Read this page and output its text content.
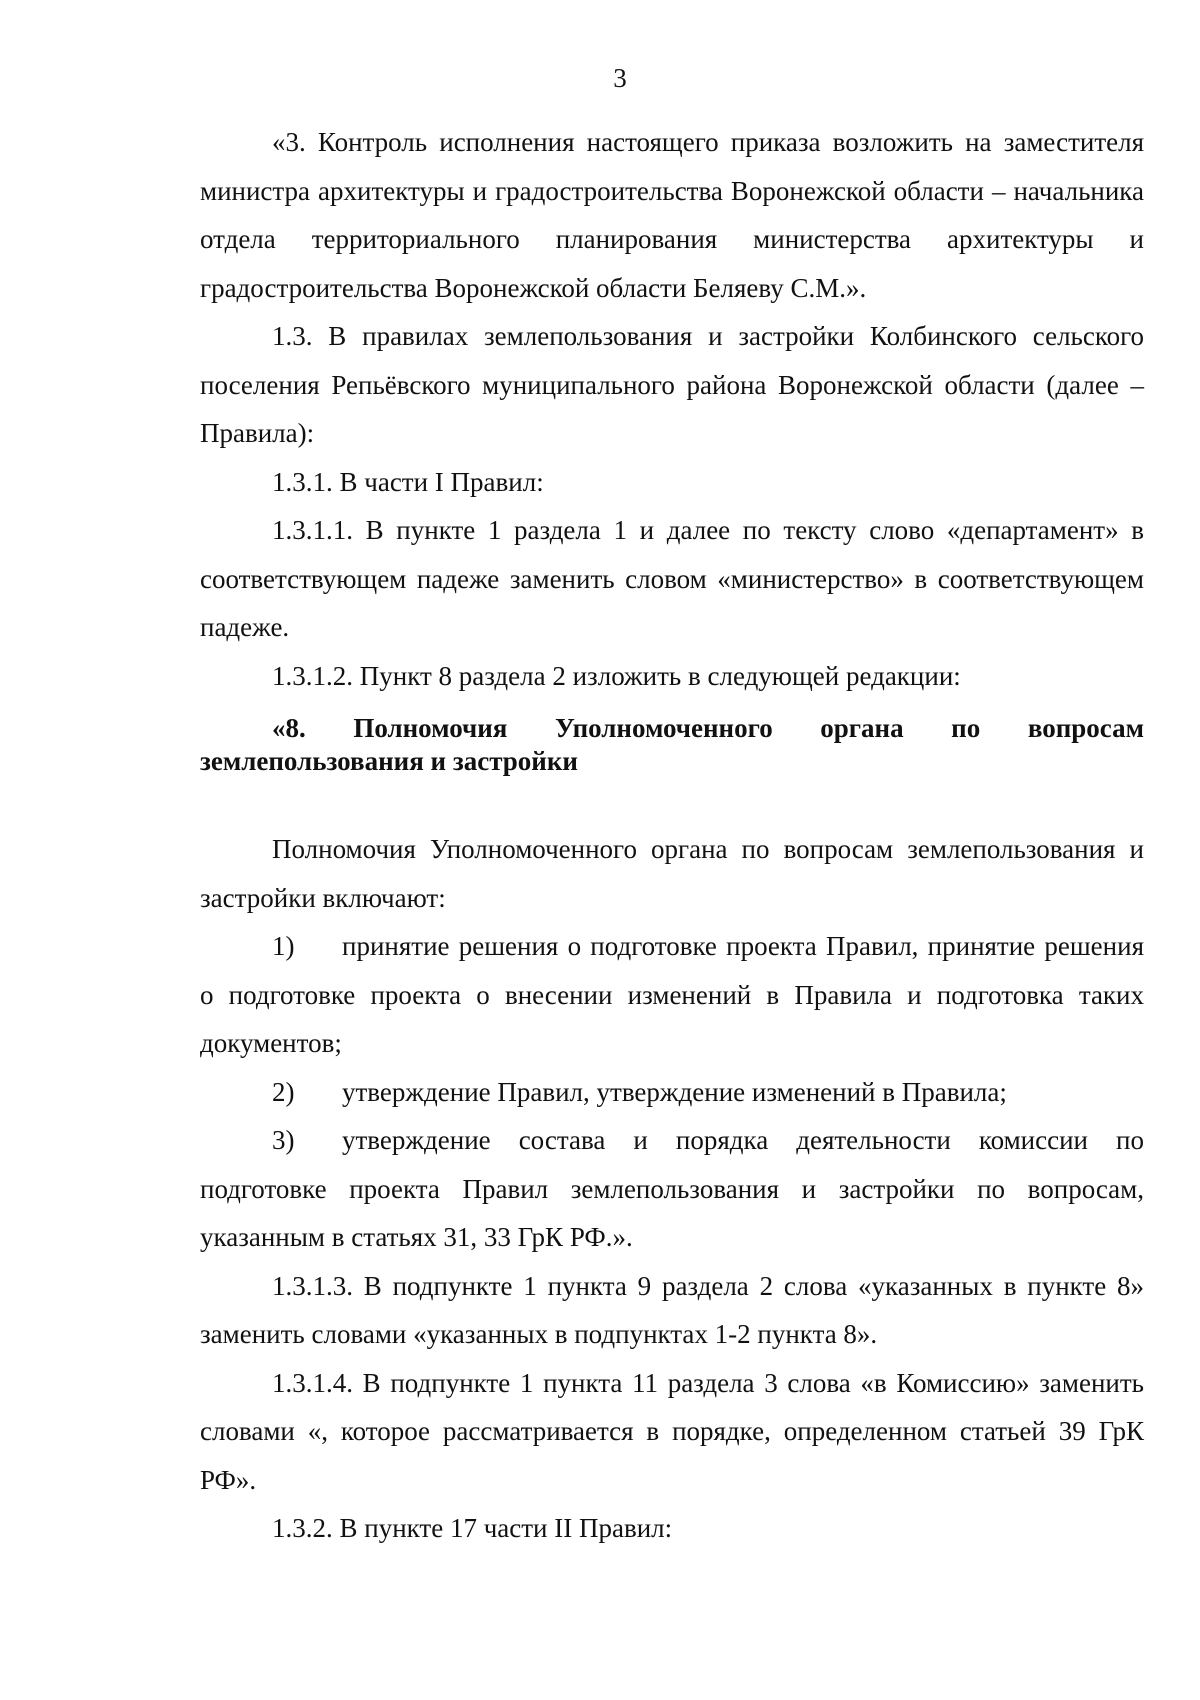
3

«3. Контроль исполнения настоящего приказа возложить на заместителя министра архитектуры и градостроительства Воронежской области – начальника отдела территориального планирования министерства архитектуры и градостроительства Воронежской области Беляеву С.М.».

1.3. В правилах землепользования и застройки Колбинского сельского поселения Репьёвского муниципального района Воронежской области (далее – Правила):

1.3.1. В части I Правил:

1.3.1.1. В пункте 1 раздела 1 и далее по тексту слово «департамент» в соответствующем падеже заменить словом «министерство» в соответствующем падеже.

1.3.1.2. Пункт 8 раздела 2 изложить в следующей редакции:

«8. Полномочия Уполномоченного органа по вопросам землепользования и застройки

Полномочия Уполномоченного органа по вопросам землепользования и застройки включают:

1) принятие решения о подготовке проекта Правил, принятие решения о подготовке проекта о внесении изменений в Правила и подготовка таких документов;

2) утверждение Правил, утверждение изменений в Правила;

3) утверждение состава и порядка деятельности комиссии по подготовке проекта Правил землепользования и застройки по вопросам, указанным в статьях 31, 33 ГрК РФ.».

1.3.1.3. В подпункте 1 пункта 9 раздела 2 слова «указанных в пункте 8» заменить словами «указанных в подпунктах 1-2 пункта 8».

1.3.1.4. В подпункте 1 пункта 11 раздела 3 слова «в Комиссию» заменить словами «, которое рассматривается в порядке, определенном статьей 39 ГрК РФ».

1.3.2. В пункте 17 части II Правил:
